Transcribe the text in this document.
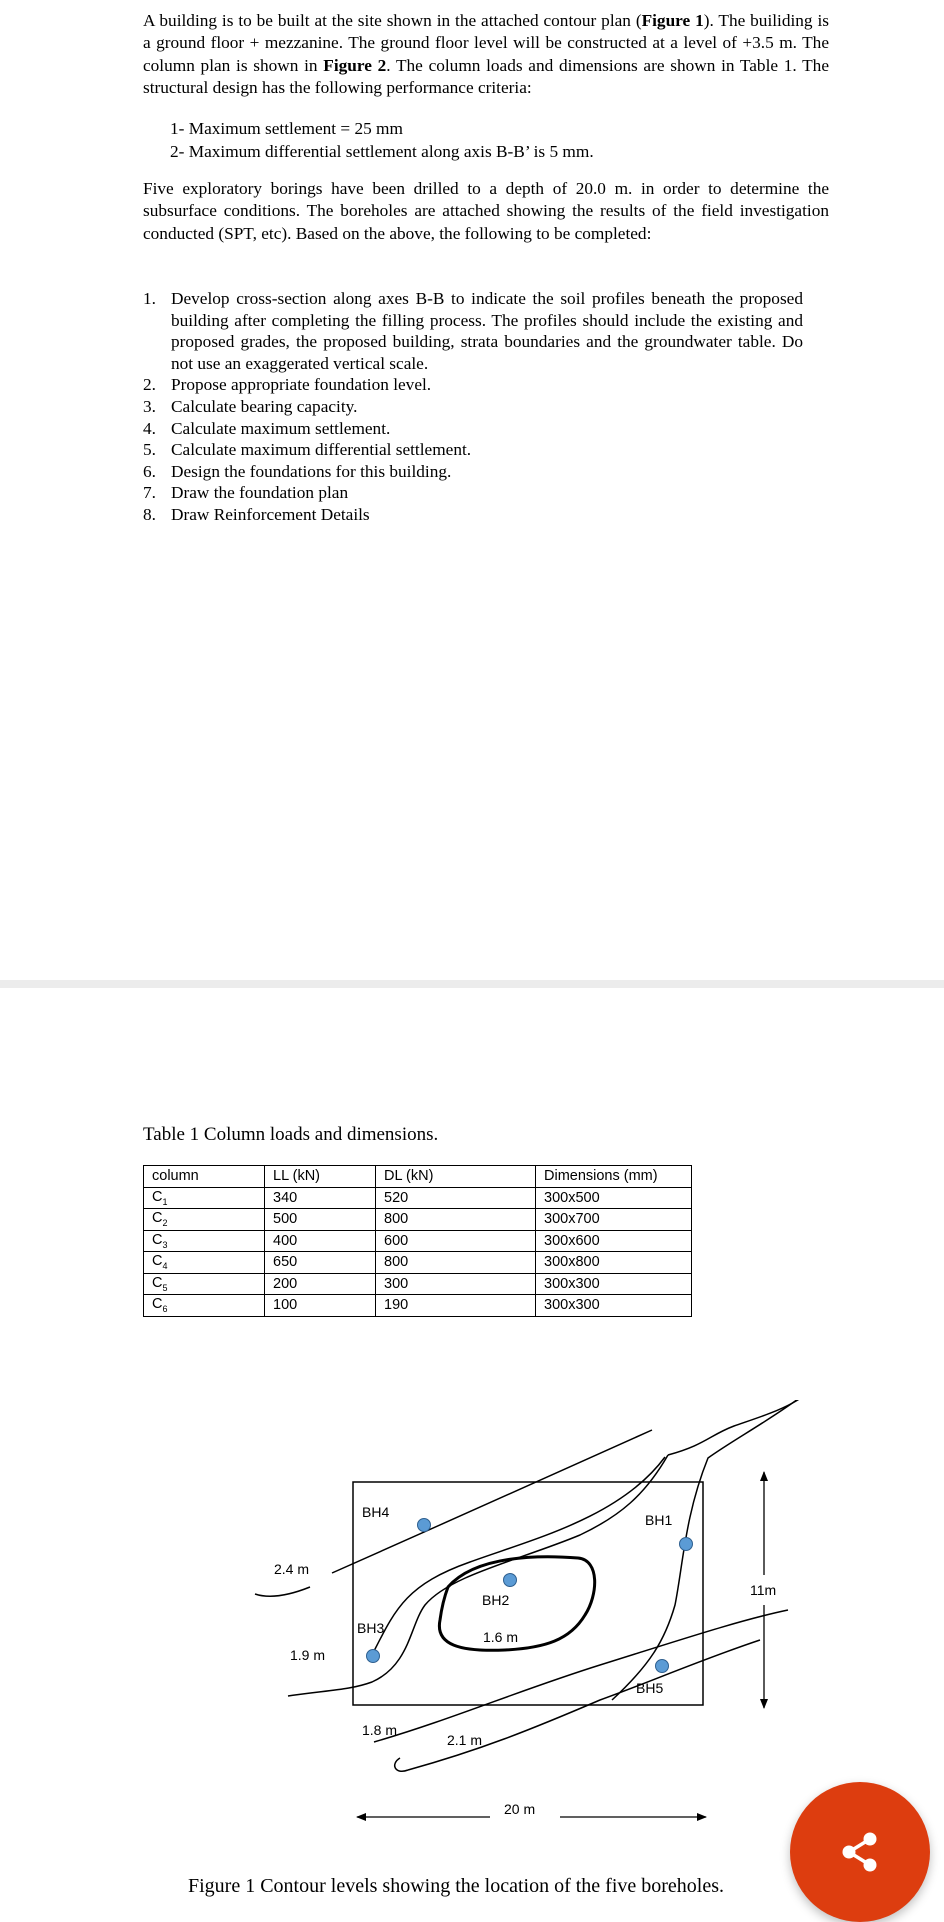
A building is to be built at the site shown in the attached contour plan (Figure 1). The builiding is a ground floor + mezzanine. The ground floor level will be constructed at a level of +3.5 m. The column plan is shown in Figure 2. The column loads and dimensions are shown in Table 1. The structural design has the following performance criteria:

1- Maximum settlement = 25 mm

2- Maximum differential settlement along axis B-B’ is 5 mm.

Five exploratory borings have been drilled to a depth of 20.0 m. in order to determine the subsurface conditions. The boreholes are attached showing the results of the field investigation conducted (SPT, etc). Based on the above, the following to be completed:

1. Develop cross-section along axes B-B to indicate the soil profiles beneath the proposed building after completing the filling process. The profiles should include the existing and proposed grades, the proposed building, strata boundaries and the groundwater table. Do not use an exaggerated vertical scale.
2. Propose appropriate foundation level.
3. Calculate bearing capacity.
4. Calculate maximum settlement.
5. Calculate maximum differential settlement.
6. Design the foundations for this building.
7. Draw the foundation plan
8. Draw Reinforcement Details

Table 1 Column loads and dimensions.

column	LL (kN)	DL (kN)	Dimensions (mm)
$C_1$	340	520	300x500
$C_2$	500	800	300x700
$C_3$	400	600	300x600
$C_4$	650	800	300x800
$C_5$	200	300	300x300
$C_6$	100	190	300x300
BH4	BH1
BH2
BH3
BH5
2.4 m
1.9 m
1.6 m
1.8 m
2.1 m
20 m
11m

Figure 1 Contour levels showing the location of the five boreholes.
